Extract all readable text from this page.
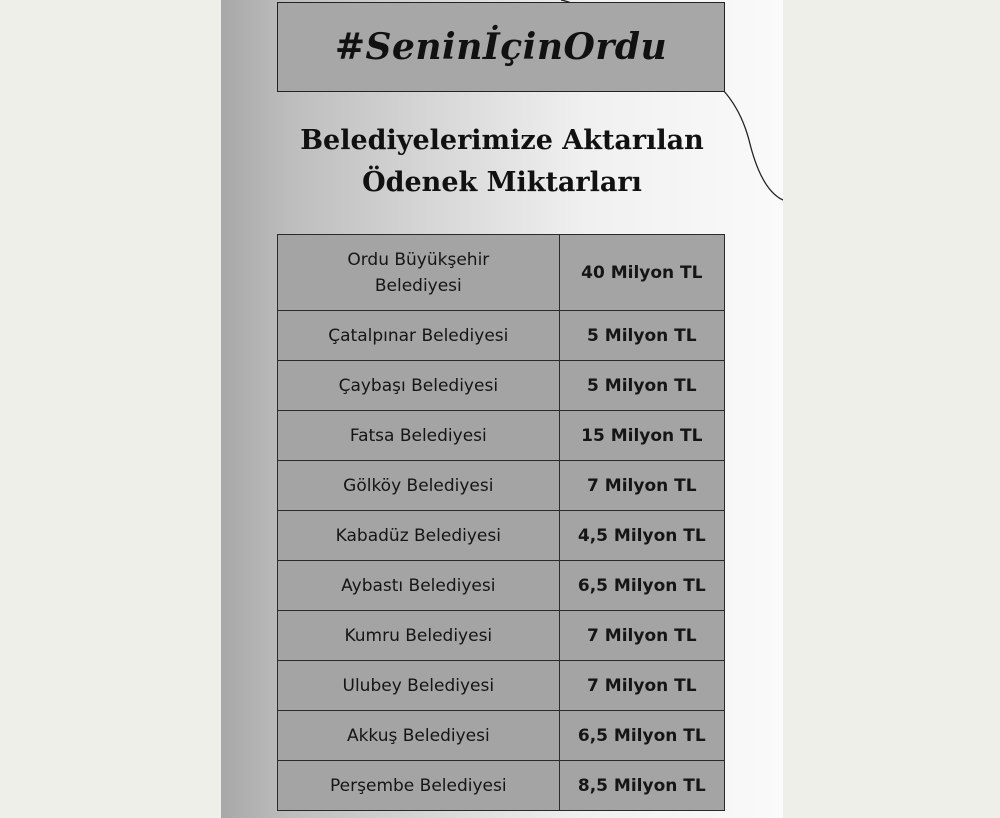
#SeninİçinOrdu
Belediyelerimize Aktarılan
Ödenek Miktarları
Ordu Büyükşehir
Belediyesi	40 Milyon TL
Çatalpınar Belediyesi	5 Milyon TL
Çaybaşı Belediyesi	5 Milyon TL
Fatsa Belediyesi	15 Milyon TL
Gölköy Belediyesi	7 Milyon TL
Kabadüz Belediyesi	4,5 Milyon TL
Aybastı Belediyesi	6,5 Milyon TL
Kumru Belediyesi	7 Milyon TL
Ulubey Belediyesi	7 Milyon TL
Akkuş Belediyesi	6,5 Milyon TL
Perşembe Belediyesi	8,5 Milyon TL
